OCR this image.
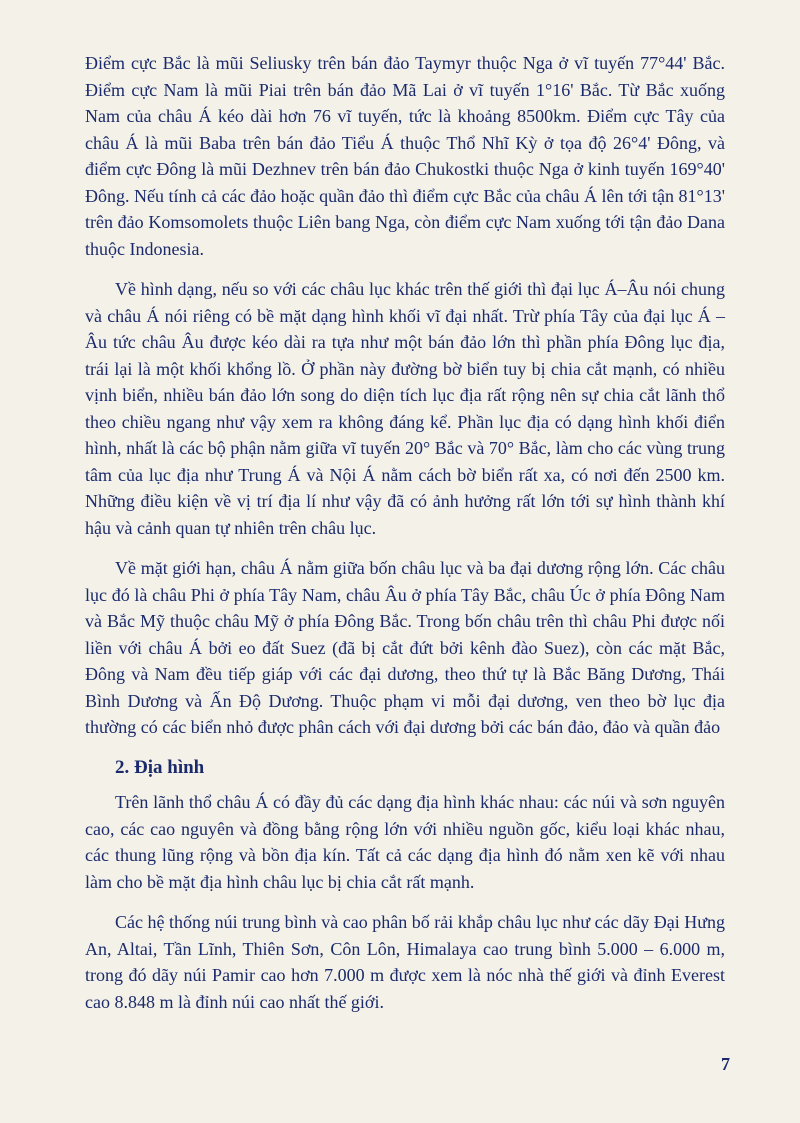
Điểm cực Bắc là mũi Seliusky trên bán đảo Taymyr thuộc Nga ở vĩ tuyến 77°44' Bắc. Điểm cực Nam là mũi Piai trên bán đảo Mã Lai ở vĩ tuyến 1°16' Bắc. Từ Bắc xuống Nam của châu Á kéo dài hơn 76 vĩ tuyến, tức là khoảng 8500km. Điểm cực Tây của châu Á là mũi Baba trên bán đảo Tiểu Á thuộc Thổ Nhĩ Kỳ ở tọa độ 26°4' Đông, và điểm cực Đông là mũi Dezhnev trên bán đảo Chukostki thuộc Nga ở kinh tuyến 169°40' Đông. Nếu tính cả các đảo hoặc quần đảo thì điểm cực Bắc của châu Á lên tới tận 81°13' trên đảo Komsomolets thuộc Liên bang Nga, còn điểm cực Nam xuống tới tận đảo Dana thuộc Indonesia.

Về hình dạng, nếu so với các châu lục khác trên thế giới thì đại lục Á–Âu nói chung và châu Á nói riêng có bề mặt dạng hình khối vĩ đại nhất. Trừ phía Tây của đại lục Á – Âu tức châu Âu được kéo dài ra tựa như một bán đảo lớn thì phần phía Đông lục địa, trái lại là một khối khổng lồ. Ở phần này đường bờ biển tuy bị chia cắt mạnh, có nhiều vịnh biển, nhiều bán đảo lớn song do diện tích lục địa rất rộng nên sự chia cắt lãnh thổ theo chiều ngang như vậy xem ra không đáng kể. Phần lục địa có dạng hình khối điển hình, nhất là các bộ phận nằm giữa vĩ tuyến 20° Bắc và 70° Bắc, làm cho các vùng trung tâm của lục địa như Trung Á và Nội Á nằm cách bờ biển rất xa, có nơi đến 2500 km. Những điều kiện về vị trí địa lí như vậy đã có ảnh hưởng rất lớn tới sự hình thành khí hậu và cảnh quan tự nhiên trên châu lục.

Về mặt giới hạn, châu Á nằm giữa bốn châu lục và ba đại dương rộng lớn. Các châu lục đó là châu Phi ở phía Tây Nam, châu Âu ở phía Tây Bắc, châu Úc ở phía Đông Nam và Bắc Mỹ thuộc châu Mỹ ở phía Đông Bắc. Trong bốn châu trên thì châu Phi được nối liền với châu Á bởi eo đất Suez (đã bị cắt đứt bởi kênh đào Suez), còn các mặt Bắc, Đông và Nam đều tiếp giáp với các đại dương, theo thứ tự là Bắc Băng Dương, Thái Bình Dương và Ấn Độ Dương. Thuộc phạm vi mỗi đại dương, ven theo bờ lục địa thường có các biển nhỏ được phân cách với đại dương bởi các bán đảo, đảo và quần đảo

2. Địa hình

Trên lãnh thổ châu Á có đầy đủ các dạng địa hình khác nhau: các núi và sơn nguyên cao, các cao nguyên và đồng bằng rộng lớn với nhiều nguồn gốc, kiểu loại khác nhau, các thung lũng rộng và bồn địa kín. Tất cả các dạng địa hình đó nằm xen kẽ với nhau làm cho bề mặt địa hình châu lục bị chia cắt rất mạnh.

Các hệ thống núi trung bình và cao phân bố rải khắp châu lục như các dãy Đại Hưng An, Altai, Tần Lĩnh, Thiên Sơn, Côn Lôn, Himalaya cao trung bình 5.000 – 6.000 m, trong đó dãy núi Pamir cao hơn 7.000 m được xem là nóc nhà thế giới và đỉnh Everest cao 8.848 m là đỉnh núi cao nhất thế giới.

7
